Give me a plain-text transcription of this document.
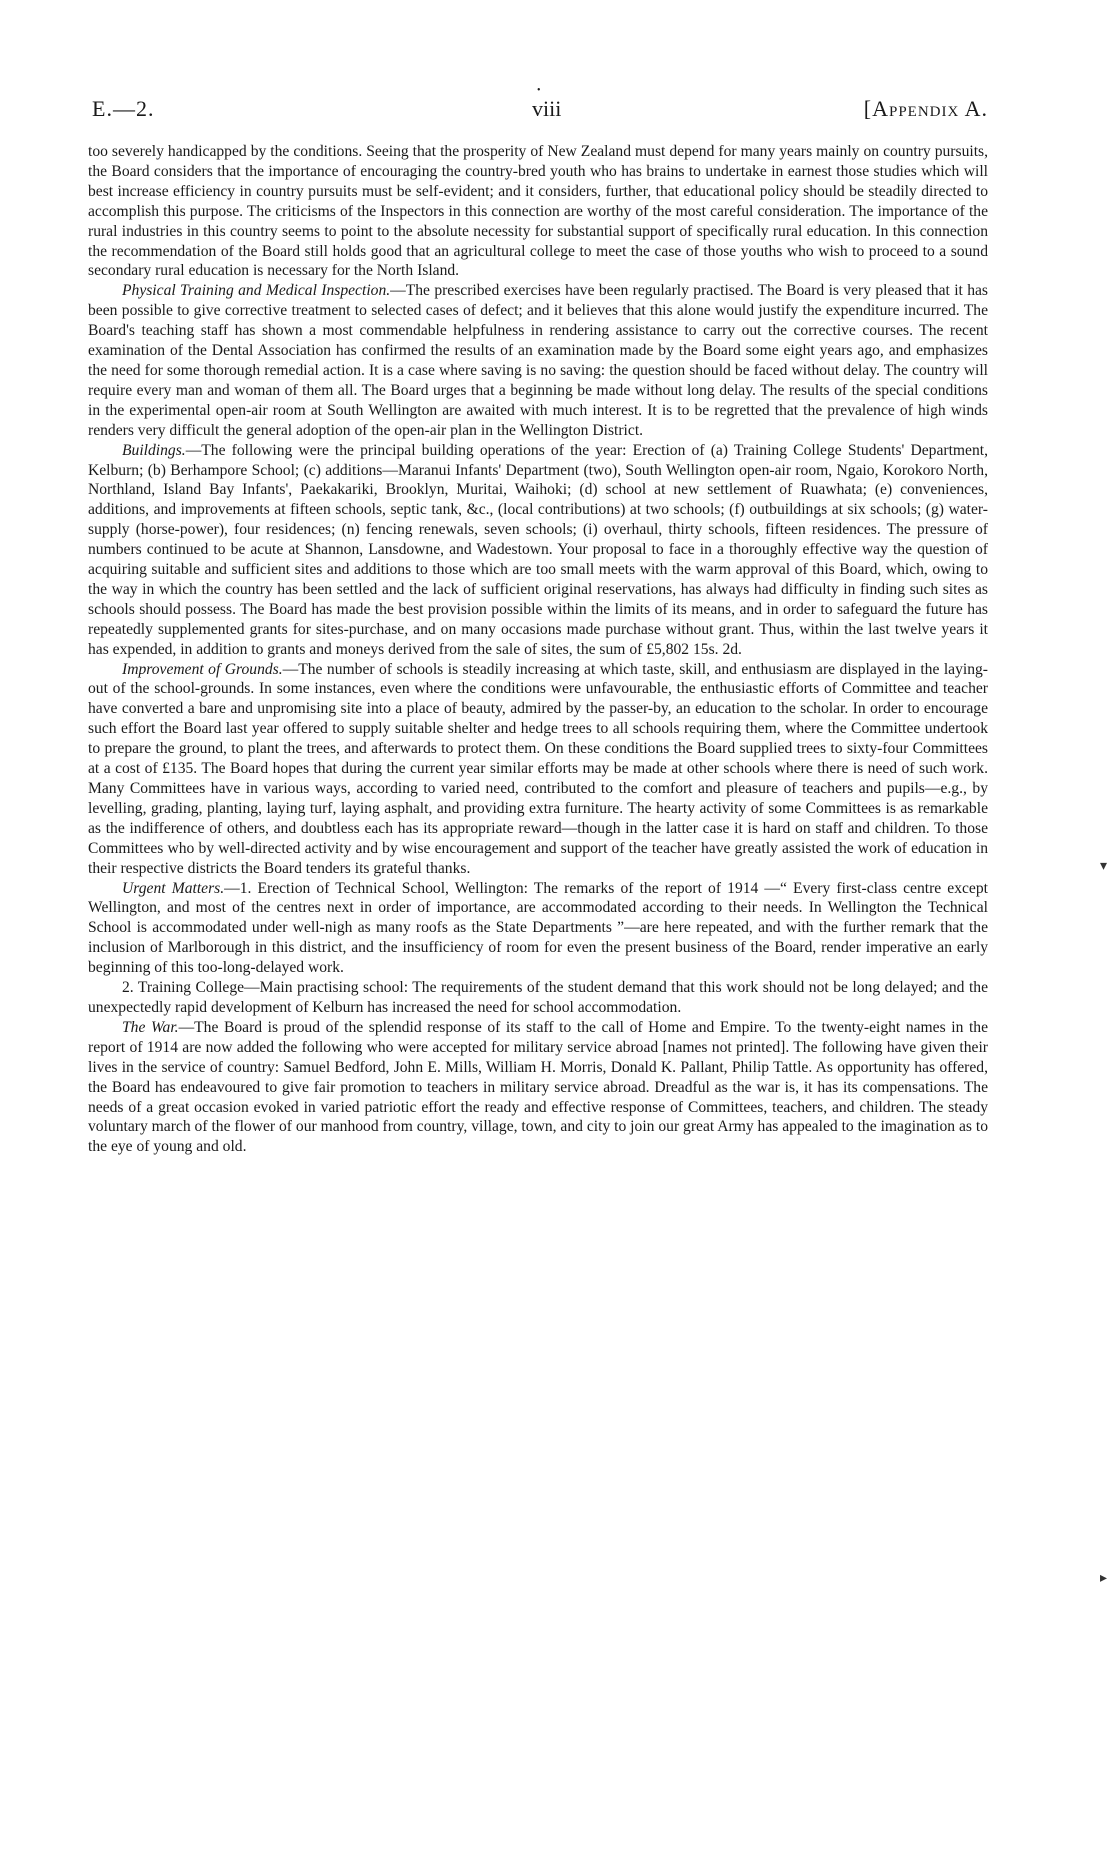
•
E.—2.	viii	[Appendix A.

too severely handicapped by the conditions. Seeing that the prosperity of New Zealand must depend for many years mainly on country pursuits, the Board considers that the importance of encouraging the country-bred youth who has brains to undertake in earnest those studies which will best increase efficiency in country pursuits must be self-evident; and it considers, further, that educational policy should be steadily directed to accomplish this purpose. The criticisms of the Inspectors in this connection are worthy of the most careful consideration. The importance of the rural industries in this country seems to point to the absolute necessity for substantial support of specifically rural education. In this connection the recommendation of the Board still holds good that an agricultural college to meet the case of those youths who wish to proceed to a sound secondary rural education is necessary for the North Island.

Physical Training and Medical Inspection.—The prescribed exercises have been regularly practised. The Board is very pleased that it has been possible to give corrective treatment to selected cases of defect; and it believes that this alone would justify the expenditure incurred. The Board's teaching staff has shown a most commendable helpfulness in rendering assistance to carry out the corrective courses. The recent examination of the Dental Association has confirmed the results of an examination made by the Board some eight years ago, and emphasizes the need for some thorough remedial action. It is a case where saving is no saving: the question should be faced without delay. The country will require every man and woman of them all. The Board urges that a beginning be made without long delay. The results of the special conditions in the experimental open-air room at South Wellington are awaited with much interest. It is to be regretted that the prevalence of high winds renders very difficult the general adoption of the open-air plan in the Wellington District.

Buildings.—The following were the principal building operations of the year: Erection of (a) Training College Students' Department, Kelburn; (b) Berhampore School; (c) additions—Maranui Infants' Department (two), South Wellington open-air room, Ngaio, Korokoro North, Northland, Island Bay Infants', Paekakariki, Brooklyn, Muritai, Waihoki; (d) school at new settlement of Ruawhata; (e) conveniences, additions, and improvements at fifteen schools, septic tank, &c., (local contributions) at two schools; (f) outbuildings at six schools; (g) water-supply (horse-power), four residences; (n) fencing renewals, seven schools; (i) overhaul, thirty schools, fifteen residences. The pressure of numbers continued to be acute at Shannon, Lansdowne, and Wadestown. Your proposal to face in a thoroughly effective way the question of acquiring suitable and sufficient sites and additions to those which are too small meets with the warm approval of this Board, which, owing to the way in which the country has been settled and the lack of sufficient original reservations, has always had difficulty in finding such sites as schools should possess. The Board has made the best provision possible within the limits of its means, and in order to safeguard the future has repeatedly supplemented grants for sites-purchase, and on many occasions made purchase without grant. Thus, within the last twelve years it has expended, in addition to grants and moneys derived from the sale of sites, the sum of £5,802 15s. 2d.

Improvement of Grounds.—The number of schools is steadily increasing at which taste, skill, and enthusiasm are displayed in the laying-out of the school-grounds. In some instances, even where the conditions were unfavourable, the enthusiastic efforts of Committee and teacher have converted a bare and unpromising site into a place of beauty, admired by the passer-by, an education to the scholar. In order to encourage such effort the Board last year offered to supply suitable shelter and hedge trees to all schools requiring them, where the Committee undertook to prepare the ground, to plant the trees, and afterwards to protect them. On these conditions the Board supplied trees to sixty-four Committees at a cost of £135. The Board hopes that during the current year similar efforts may be made at other schools where there is need of such work. Many Committees have in various ways, according to varied need, contributed to the comfort and pleasure of teachers and pupils—e.g., by levelling, grading, planting, laying turf, laying asphalt, and providing extra furniture. The hearty activity of some Committees is as remarkable as the indifference of others, and doubtless each has its appropriate reward—though in the latter case it is hard on staff and children. To those Committees who by well-directed activity and by wise encouragement and support of the teacher have greatly assisted the work of education in their respective districts the Board tenders its grateful thanks.

Urgent Matters.—1. Erection of Technical School, Wellington: The remarks of the report of 1914 —“ Every first-class centre except Wellington, and most of the centres next in order of importance, are accommodated according to their needs. In Wellington the Technical School is accommodated under well-nigh as many roofs as the State Departments ”—are here repeated, and with the further remark that the inclusion of Marlborough in this district, and the insufficiency of room for even the present business of the Board, render imperative an early beginning of this too-long-delayed work.

2. Training College—Main practising school: The requirements of the student demand that this work should not be long delayed; and the unexpectedly rapid development of Kelburn has increased the need for school accommodation.

The War.—The Board is proud of the splendid response of its staff to the call of Home and Empire. To the twenty-eight names in the report of 1914 are now added the following who were accepted for military service abroad [names not printed]. The following have given their lives in the service of country: Samuel Bedford, John E. Mills, William H. Morris, Donald K. Pallant, Philip Tattle. As opportunity has offered, the Board has endeavoured to give fair promotion to teachers in military service abroad. Dreadful as the war is, it has its compensations. The needs of a great occasion evoked in varied patriotic effort the ready and effective response of Committees, teachers, and children. The steady voluntary march of the flower of our manhood from country, village, town, and city to join our great Army has appealed to the imagination as to the eye of young and old.

▾
▸
